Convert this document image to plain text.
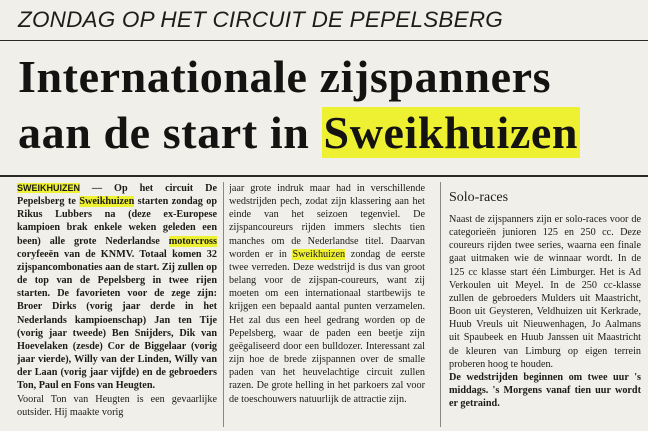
ZONDAG OP HET CIRCUIT DE PEPELSBERG
Internationale zijspanners
aan de start in Sweikhuizen

SWEIKHUIZEN — Op het circuit De Pepelsberg te Sweikhuizen starten zondag op Rikus Lubbers na (deze ex-Europese kampioen brak enkele weken geleden een been) alle grote Nederlandse motorcross coryfeeën van de KNMV. Totaal komen 32 zijspancombonaties aan de start. Zij zullen op de top van de Pepelsberg in twee rijen starten. De favorieten voor de zege zijn: Broer Dirks (vorig jaar derde in het Nederlands kampioenschap) Jan ten Tije (vorig jaar tweede) Ben Snijders, Dik van Hoevelaken (zesde) Cor de Biggelaar (vorig jaar vierde), Willy van der Linden, Willy van der Laan (vorig jaar vijfde) en de gebroeders Ton, Paul en Fons van Heugten.

Vooral Ton van Heugten is een gevaarlijke outsider. Hij maakte vorig

jaar grote indruk maar had in verschillende wedstrijden pech, zodat zijn klassering aan het einde van het seizoen tegenviel. De zijspancoureurs rijden immers slechts tien manches om de Nederlandse titel. Daarvan worden er in Sweikhuizen zondag de eerste twee verreden. Deze wedstrijd is dus van groot belang voor de zijspan-coureurs, want zij moeten om een internationaal startbewijs te krijgen een bepaald aantal punten verzamelen. Het zal dus een heel gedrang worden op de Pepelsberg, waar de paden een beetje zijn geëgaliseerd door een bulldozer. Interessant zal zijn hoe de brede zijspannen over de smalle paden van het heuvelachtige circuit zullen razen. De grote helling in het parkoers zal voor de toeschouwers natuurlijk de attractie zijn.

Solo-races

Naast de zijspanners zijn er solo-races voor de categorieën junioren 125 en 250 cc. Deze coureurs rijden twee series, waarna een finale gaat uitmaken wie de winnaar wordt. In de 125 cc klasse start één Limburger. Het is Ad Verkoulen uit Meyel. In de 250 cc-klasse zullen de gebroeders Mulders uit Maastricht, Boon uit Geysteren, Veldhuizen uit Kerkrade, Huub Vreuls uit Nieuwenhagen, Jo Aalmans uit Spaubeek en Huub Janssen uit Maastricht de kleuren van Limburg op eigen terrein proberen hoog te houden.

De wedstrijden beginnen om twee uur 's middags. 's Morgens vanaf tien uur wordt er getraind.
